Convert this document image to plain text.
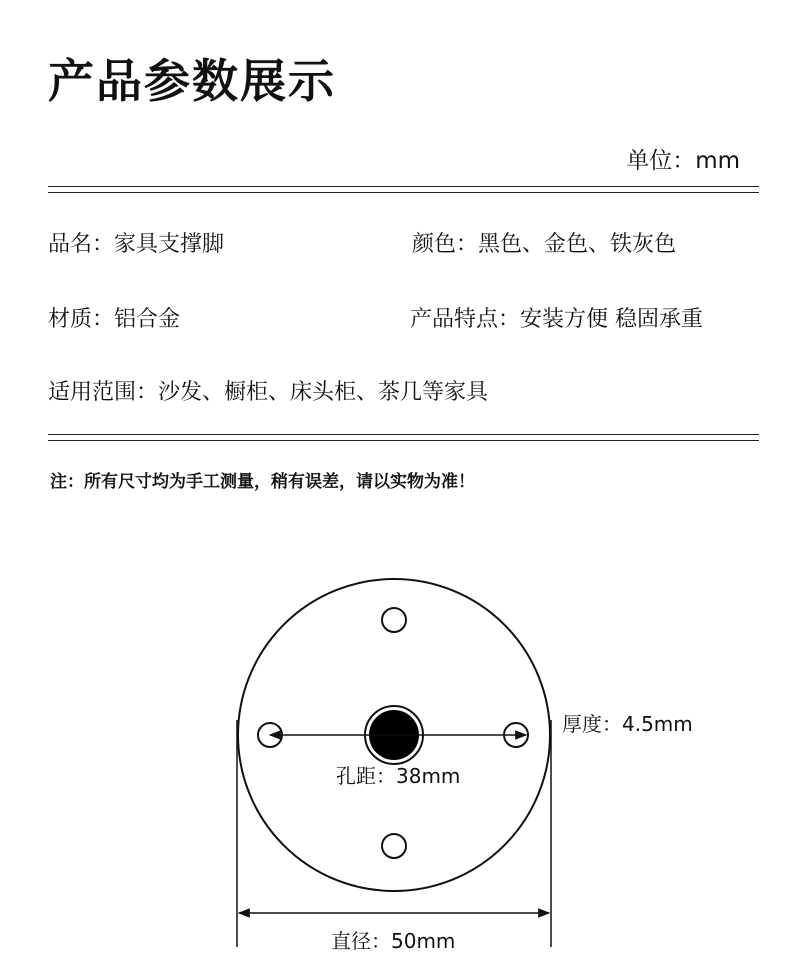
产品参数展示
单位：mm
品名：家具支撑脚	颜色：黑色、金色、铁灰色
材质：铝合金	产品特点：安装方便 稳固承重
适用范围：沙发、橱柜、床头柜、茶几等家具
注：所有尺寸均为手工测量，稍有误差，请以实物为准！
孔距：38mm
直径：50mm
厚度：4.5mm
